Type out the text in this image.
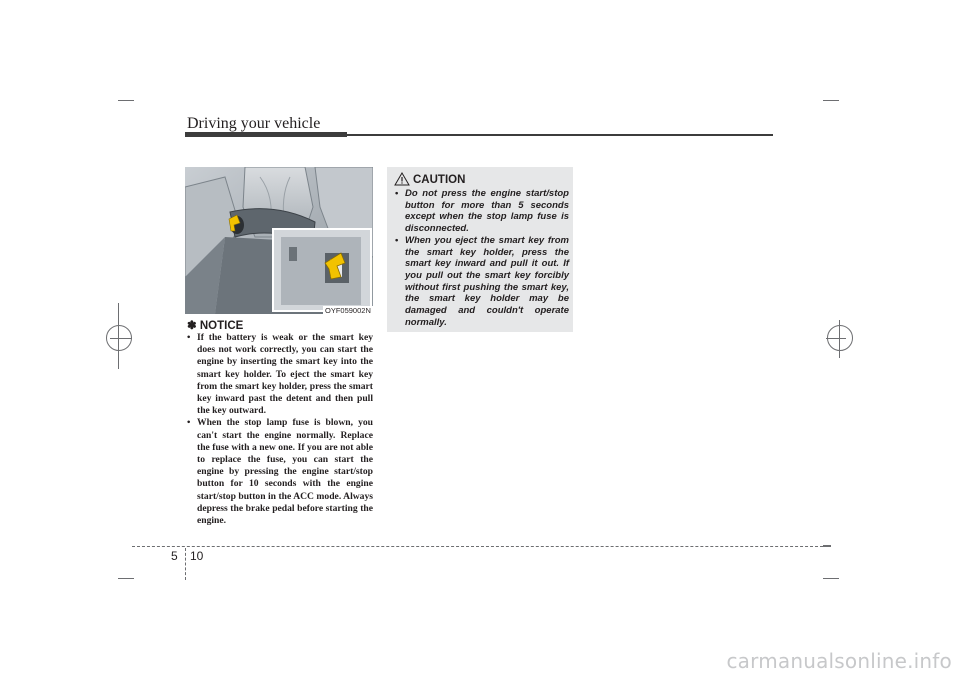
Driving your vehicle
OYF059002N
✽ NOTICE
• If the battery is weak or the smart key does not work correctly, you can start the engine by inserting the smart key into the smart key holder. To eject the smart key from the smart key holder, press the smart key inward past the detent and then pull the key outward.
• When the stop lamp fuse is blown, you can't start the engine normally. Replace the fuse with a new one. If you are not able to replace the fuse, you can start the engine by pressing the engine start/stop button for 10 seconds with the engine start/stop button in the ACC mode. Always depress the brake pedal before starting the engine.
CAUTION
• Do not press the engine start/stop button for more than 5 seconds except when the stop lamp fuse is disconnected.
• When you eject the smart key from the smart key holder, press the smart key inward and pull it out. If you pull out the smart key forcibly without first pushing the smart key, the smart key holder may be damaged and couldn't operate normally.
5 10
carmanualsonline.info
